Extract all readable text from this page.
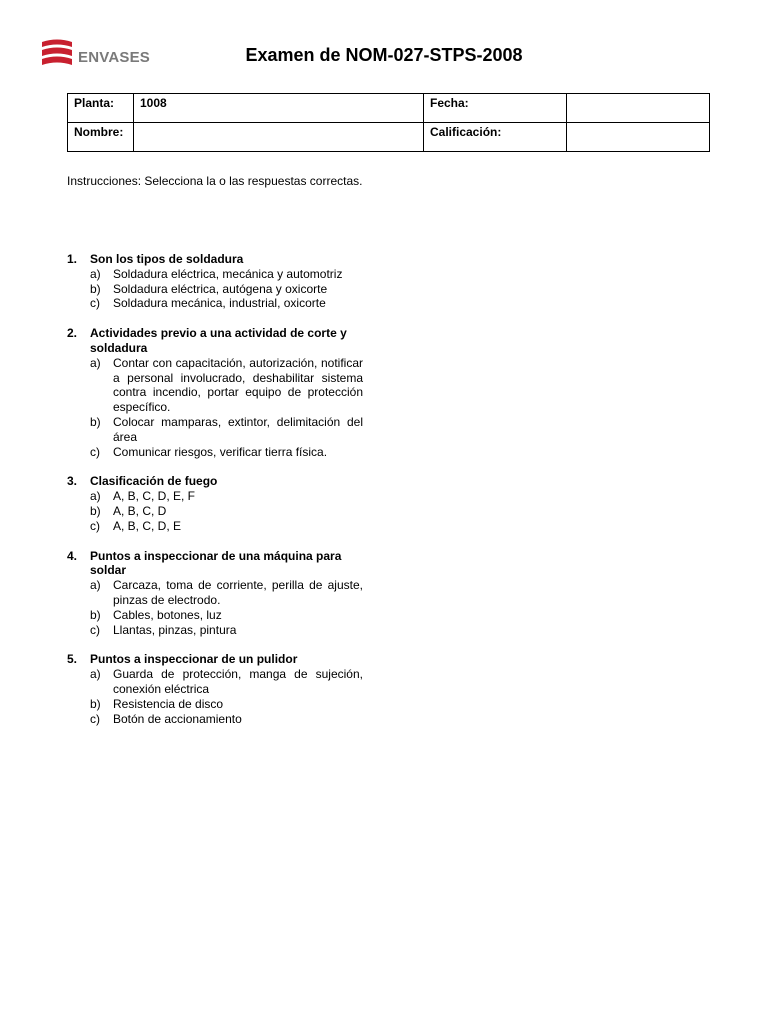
ENVASES	Examen de NOM-027-STPS-2008
Planta:	1008	Fecha:	
Nombre:		Calificación:	

Instrucciones: Selecciona la o las respuestas correctas.

1.	Son los tipos de soldadura
a)	Soldadura eléctrica, mecánica y automotriz
b)	Soldadura eléctrica, autógena y oxicorte
c)	Soldadura mecánica, industrial, oxicorte
2.	Actividades previo a una actividad de corte y soldadura
a)	Contar con capacitación, autorización, notificar a personal involucrado, deshabilitar sistema contra incendio, portar equipo de protección específico.
b)	Colocar mamparas, extintor, delimitación del área
c)	Comunicar riesgos, verificar tierra física.
3.	Clasificación de fuego
a)	A, B, C, D, E, F
b)	A, B, C, D
c)	A, B, C, D, E
4.	Puntos a inspeccionar de una máquina para soldar
a)	Carcaza, toma de corriente, perilla de ajuste, pinzas de electrodo.
b)	Cables, botones, luz
c)	Llantas, pinzas, pintura
5.	Puntos a inspeccionar de un pulidor
a)	Guarda de protección, manga de sujeción, conexión eléctrica
b)	Resistencia de disco
c)	Botón de accionamiento
